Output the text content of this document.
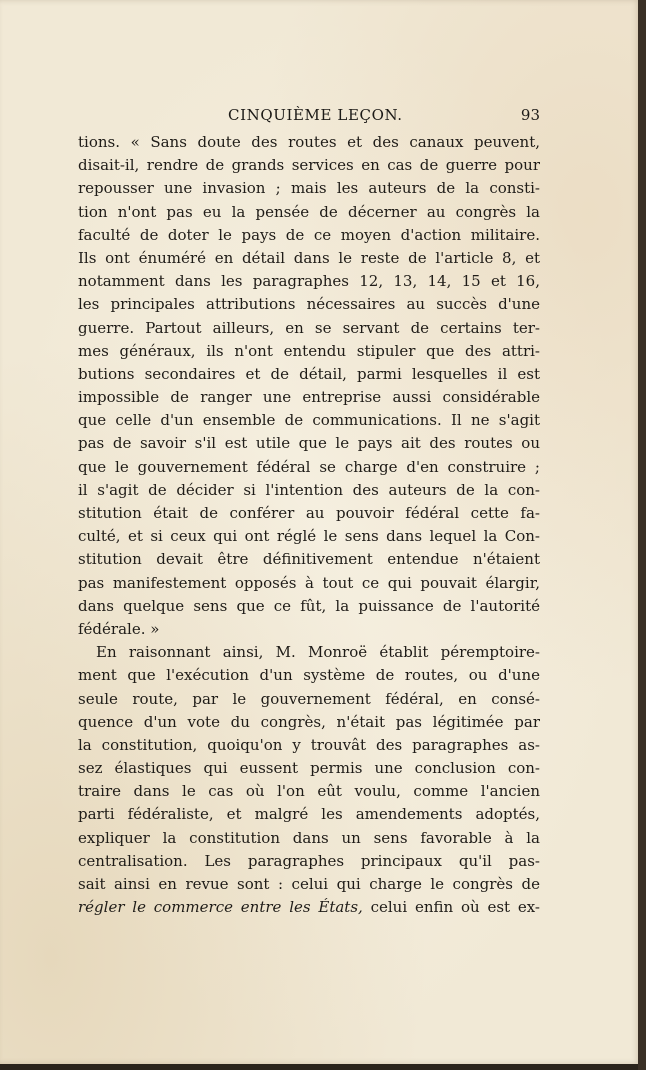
CINQUIÈME LEÇON.	93
tions. « Sans doute des routes et des canaux peuvent,
disait-il, rendre de grands services en cas de guerre pour
repousser une invasion ; mais les auteurs de la consti-
tion n'ont pas eu la pensée de décerner au congrès la
faculté de doter le pays de ce moyen d'action militaire.
Ils ont énuméré en détail dans le reste de l'article 8, et
notamment dans les paragraphes 12, 13, 14, 15 et 16,
les principales attributions nécessaires au succès d'une
guerre. Partout ailleurs, en se servant de certains ter-
mes généraux, ils n'ont entendu stipuler que des attri-
butions secondaires et de détail, parmi lesquelles il est
impossible de ranger une entreprise aussi considérable
que celle d'un ensemble de communications. Il ne s'agit
pas de savoir s'il est utile que le pays ait des routes ou
que le gouvernement fédéral se charge d'en construire ;
il s'agit de décider si l'intention des auteurs de la con-
stitution était de conférer au pouvoir fédéral cette fa-
culté, et si ceux qui ont réglé le sens dans lequel la Con-
stitution devait être définitivement entendue n'étaient
pas manifestement opposés à tout ce qui pouvait élargir,
dans quelque sens que ce fût, la puissance de l'autorité
fédérale. »
En raisonnant ainsi, M. Monroë établit péremptoire-
ment que l'exécution d'un système de routes, ou d'une
seule route, par le gouvernement fédéral, en consé-
quence d'un vote du congrès, n'était pas légitimée par
la constitution, quoiqu'on y trouvât des paragraphes as-
sez élastiques qui eussent permis une conclusion con-
traire dans le cas où l'on eût voulu, comme l'ancien
parti fédéraliste, et malgré les amendements adoptés,
expliquer la constitution dans un sens favorable à la
centralisation. Les paragraphes principaux qu'il pas-
sait ainsi en revue sont : celui qui charge le congrès de
régler le commerce entre les États, celui enfin où est ex-
